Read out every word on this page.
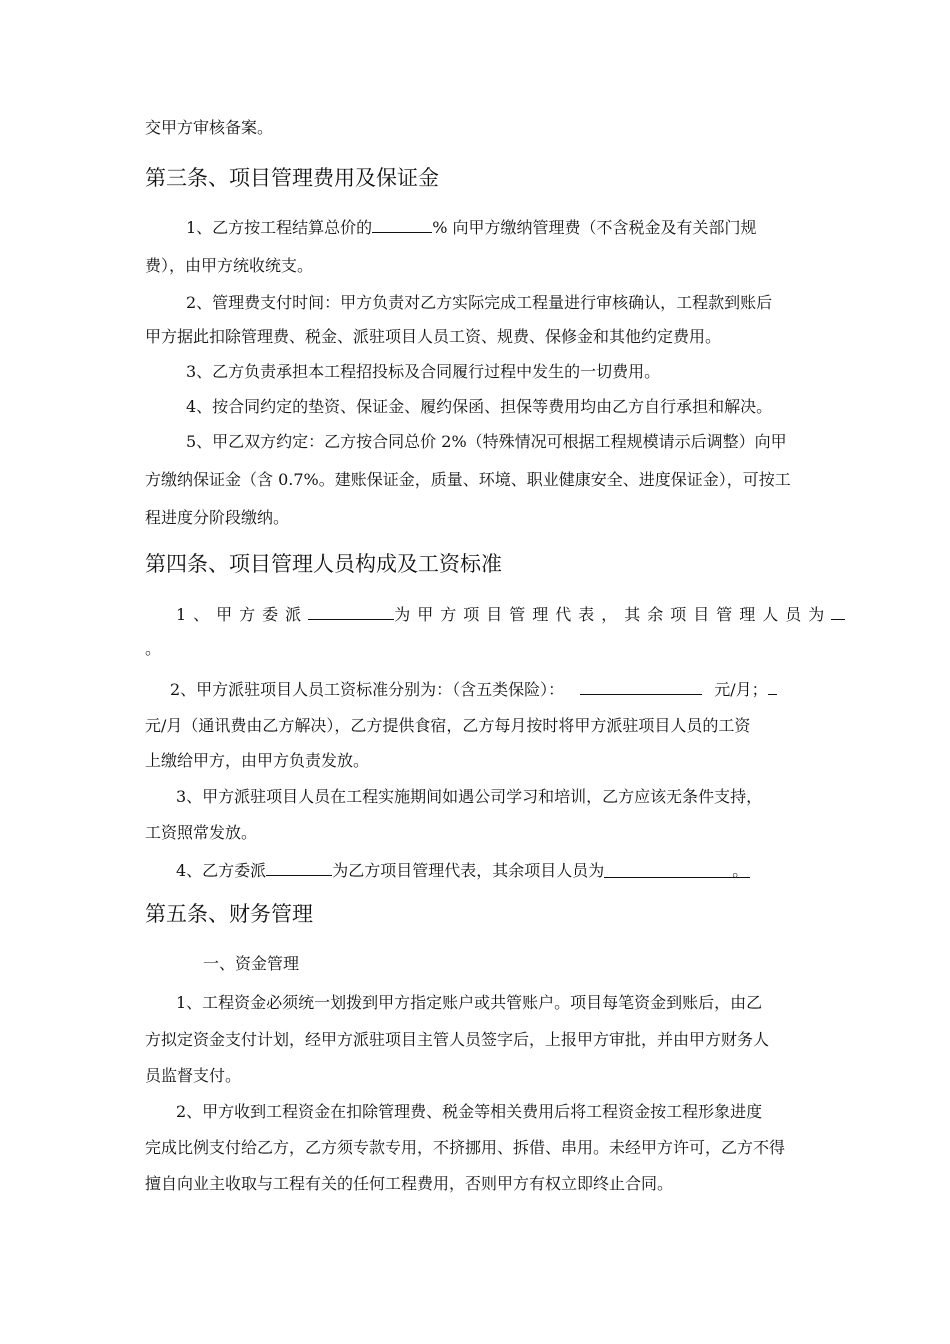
交甲方审核备案。
第三条、项目管理费用及保证金
1、乙方按工程结算总价的	% 向甲方缴纳管理费（不含税金及有关部门规
费），由甲方统收统支。
2、管理费支付时间：甲方负责对乙方实际完成工程量进行审核确认，工程款到账后
甲方据此扣除管理费、税金、派驻项目人员工资、规费、保修金和其他约定费用。
3、乙方负责承担本工程招投标及合同履行过程中发生的一切费用。
4、按合同约定的垫资、保证金、履约保函、担保等费用均由乙方自行承担和解决。
5、甲乙双方约定：乙方按合同总价 2%（特殊情况可根据工程规模请示后调整）向甲
方缴纳保证金（含 0.7%。建账保证金，质量、环境、职业健康安全、进度保证金），可按工
程进度分阶段缴纳。
第四条、项目管理人员构成及工资标准
1、甲方委派	为甲方项目管理代表，其余项目管理人员为
。
2、甲方派驻项目人员工资标准分别为：（含五类保险）：	元/月；
元/月（通讯费由乙方解决），乙方提供食宿，乙方每月按时将甲方派驻项目人员的工资
上缴给甲方，由甲方负责发放。
3、甲方派驻项目人员在工程实施期间如遇公司学习和培训，乙方应该无条件支持，
工资照常发放。
4、乙方委派	为乙方项目管理代表，其余项目人员为	。
第五条、财务管理
一、资金管理
1、工程资金必须统一划拨到甲方指定账户或共管账户。项目每笔资金到账后，由乙
方拟定资金支付计划，经甲方派驻项目主管人员签字后，上报甲方审批，并由甲方财务人
员监督支付。
2、甲方收到工程资金在扣除管理费、税金等相关费用后将工程资金按工程形象进度
完成比例支付给乙方，乙方须专款专用，不挤挪用、拆借、串用。未经甲方许可，乙方不得
擅自向业主收取与工程有关的任何工程费用，否则甲方有权立即终止合同。
